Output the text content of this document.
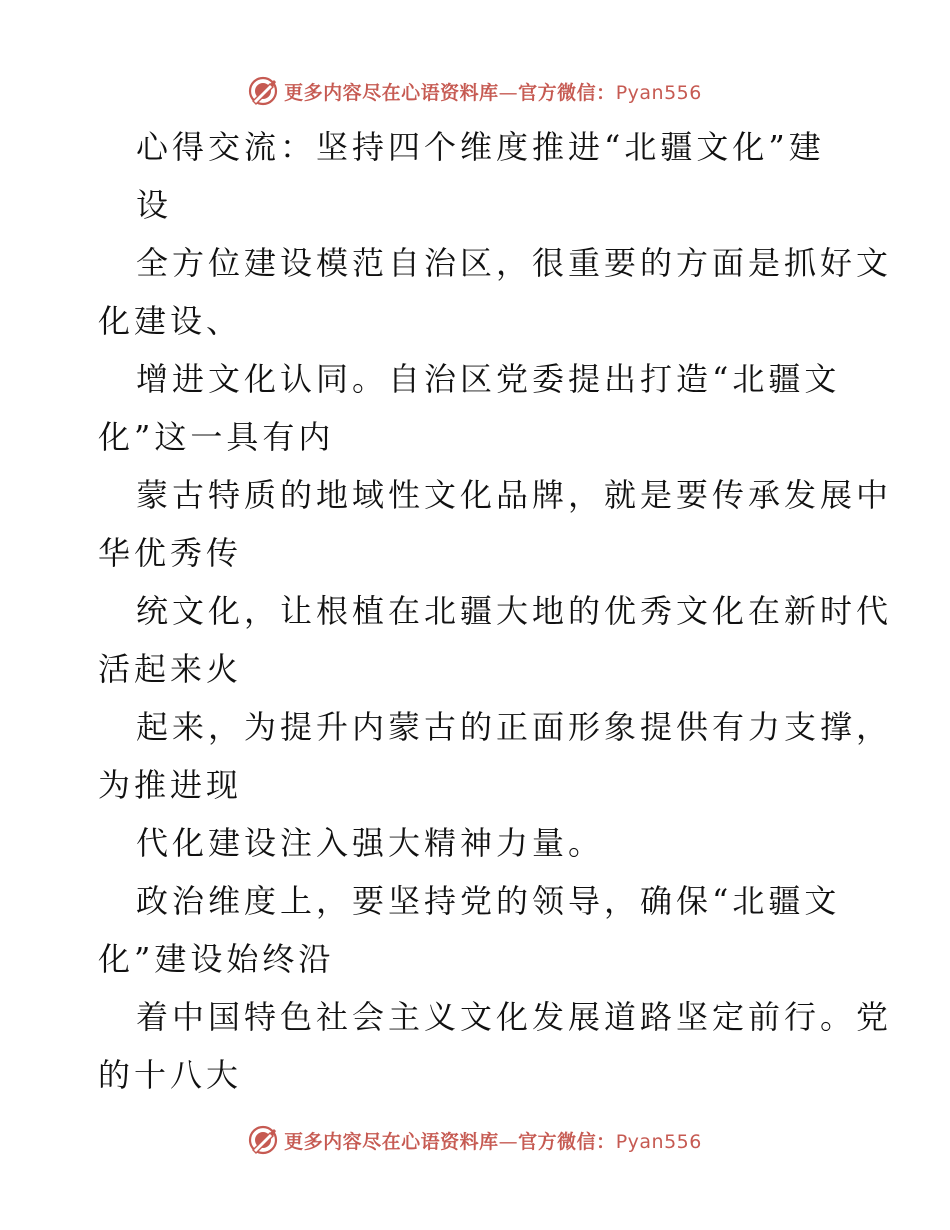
更多内容尽在心语资料库—官方微信：Pyan556
心得交流：坚持四个维度推进“北疆文化”建
设
全方位建设模范自治区，很重要的方面是抓好文
化建设、
增进文化认同。自治区党委提出打造“北疆文
化”这一具有内
蒙古特质的地域性文化品牌，就是要传承发展中
华优秀传
统文化，让根植在北疆大地的优秀文化在新时代
活起来火
起来，为提升内蒙古的正面形象提供有力支撑，
为推进现
代化建设注入强大精神力量。
政治维度上，要坚持党的领导，确保“北疆文
化”建设始终沿
着中国特色社会主义文化发展道路坚定前行。党
的十八大
更多内容尽在心语资料库—官方微信：Pyan556
